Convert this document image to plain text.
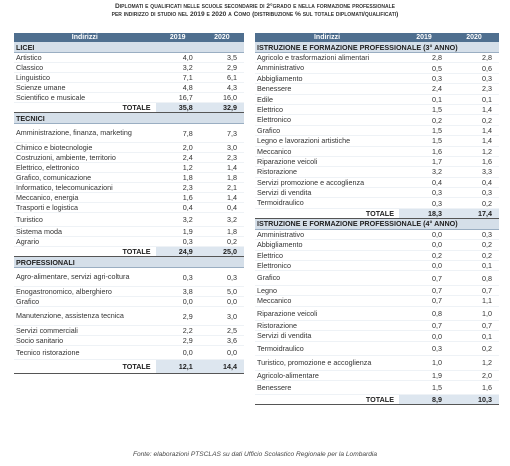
Diplomati e qualificati nelle scuole secondarie di 2°grado e nella formazione professionale
per indirizzo di studio nel 2019 e 2020 a Como (distribuzione % sul totale diplomati/qualificati)
Indirizzi	2019	2020
LICEI		
Artistico	4,0	3,5
Classico	3,2	2,9
Linguistico	7,1	6,1
Scienze umane	4,8	4,3
Scientifico e musicale	16,7	16,0
TOTALE	35,8	32,9
TECNICI		
Amministrazione, finanza, marketing	7,8	7,3
Chimico e biotecnologie	2,0	3,0
Costruzioni, ambiente, territorio	2,4	2,3
Elettrico, elettronico	1,2	1,4
Grafico, comunicazione	1,8	1,8
Informatico, telecomunicazioni	2,3	2,1
Meccanico, energia	1,6	1,4
Trasporti e logistica	0,4	0,4
Turistico	3,2	3,2
Sistema moda	1,9	1,8
Agrario	0,3	0,2
TOTALE	24,9	25,0
PROFESSIONALI		
Agro-alimentare, servizi agri-coltura	0,3	0,3
Enogastronomico, alberghiero	3,8	5,0
Grafico	0,0	0,0
Manutenzione, assistenza tecnica	2,9	3,0
Servizi commerciali	2,2	2,5
Socio sanitario	2,9	3,6
Tecnico ristorazione	0,0	0,0
TOTALE	12,1	14,4
Indirizzi	2019	2020
ISTRUZIONE E FORMAZIONE PROFESSIONALE (3° ANNO)		
Agricolo e trasformazioni alimentari	2,8	2,8
Amministrativo	0,5	0,6
Abbigliamento	0,3	0,3
Benessere	2,4	2,3
Edile	0,1	0,1
Elettrico	1,5	1,4
Elettronico	0,2	0,2
Grafico	1,5	1,4
Legno e lavorazioni artistiche	1,5	1,4
Meccanico	1,6	1,2
Riparazione veicoli	1,7	1,6
Ristorazione	3,2	3,3
Servizi promozione e accoglienza	0,4	0,4
Servizi di vendita	0,3	0,3
Termoidraulico	0,3	0,2
TOTALE	18,3	17,4
ISTRUZIONE E FORMAZIONE PROFESSIONALE (4° ANNO)		
Amministrativo	0,0	0,3
Abbigliamento	0,0	0,2
Elettrico	0,2	0,2
Elettronico	0,0	0,1
Grafico	0,7	0,8
Legno	0,7	0,7
Meccanico	0,7	1,1
Riparazione veicoli	0,8	1,0
Ristorazione	0,7	0,7
Servizi di vendita	0,0	0,1
Termoidraulico	0,3	0,2
Turistico, promozione e accoglienza	1,0	1,2
Agricolo-alimentare	1,9	2,0
Benessere	1,5	1,6
TOTALE	8,9	10,3
Fonte: elaborazioni PTSCLAS su dati Ufficio Scolastico Regionale per la Lombardia
